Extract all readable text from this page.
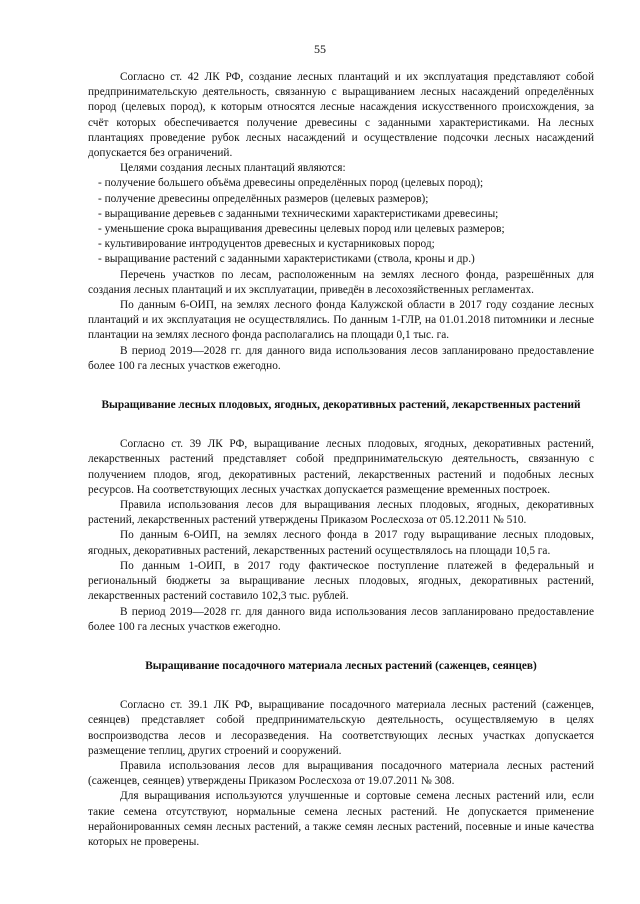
55

Согласно ст. 42 ЛК РФ, создание лесных плантаций и их эксплуатация представляют собой предпринимательскую деятельность, связанную с выращиванием лесных насаждений определённых пород (целевых пород), к которым относятся лесные насаждения искусственного происхождения, за счёт которых обеспечивается получение древесины с заданными характеристиками. На лесных плантациях проведение рубок лесных насаждений и осуществление подсочки лесных насаждений допускается без ограничений.

Целями создания лесных плантаций являются:

- получение большего объёма древесины определённых пород (целевых пород);

- получение древесины определённых размеров (целевых размеров);

- выращивание деревьев с заданными техническими характеристиками древесины;

- уменьшение срока выращивания древесины целевых пород или целевых размеров;

- культивирование интродуцентов древесных и кустарниковых пород;

- выращивание растений с заданными характеристиками (ствола, кроны и др.)

Перечень участков по лесам, расположенным на землях лесного фонда, разрешённых для создания лесных плантаций и их эксплуатации, приведён в лесохозяйственных регламентах.

По данным 6-ОИП, на землях лесного фонда Калужской области в 2017 году создание лесных плантаций и их эксплуатация не осуществлялись. По данным 1-ГЛР, на 01.01.2018 питомники и лесные плантации на землях лесного фонда располагались на площади 0,1 тыс. га.

В период 2019—2028 гг. для данного вида использования лесов запланировано предоставление более 100 га лесных участков ежегодно.

Выращивание лесных плодовых, ягодных, декоративных растений, лекарственных растений

Согласно ст. 39 ЛК РФ, выращивание лесных плодовых, ягодных, декоративных растений, лекарственных растений представляет собой предпринимательскую деятельность, связанную с получением плодов, ягод, декоративных растений, лекарственных растений и подобных лесных ресурсов. На соответствующих лесных участках допускается размещение временных построек.

Правила использования лесов для выращивания лесных плодовых, ягодных, декоративных растений, лекарственных растений утверждены Приказом Рослесхоза от 05.12.2011 № 510.

По данным 6-ОИП, на землях лесного фонда в 2017 году выращивание лесных плодовых, ягодных, декоративных растений, лекарственных растений осуществлялось на площади 10,5 га.

По данным 1-ОИП, в 2017 году фактическое поступление платежей в федеральный и региональный бюджеты за выращивание лесных плодовых, ягодных, декоративных растений, лекарственных растений составило 102,3 тыс. рублей.

В период 2019—2028 гг. для данного вида использования лесов запланировано предоставление более 100 га лесных участков ежегодно.

Выращивание посадочного материала лесных растений (саженцев, сеянцев)

Согласно ст. 39.1 ЛК РФ, выращивание посадочного материала лесных растений (саженцев, сеянцев) представляет собой предпринимательскую деятельность, осуществляемую в целях воспроизводства лесов и лесоразведения. На соответствующих лесных участках допускается размещение теплиц, других строений и сооружений.

Правила использования лесов для выращивания посадочного материала лесных растений (саженцев, сеянцев) утверждены Приказом Рослесхоза от 19.07.2011 № 308.

Для выращивания используются улучшенные и сортовые семена лесных растений или, если такие семена отсутствуют, нормальные семена лесных растений. Не допускается применение нерайонированных семян лесных растений, а также семян лесных растений, посевные и иные качества которых не проверены.
